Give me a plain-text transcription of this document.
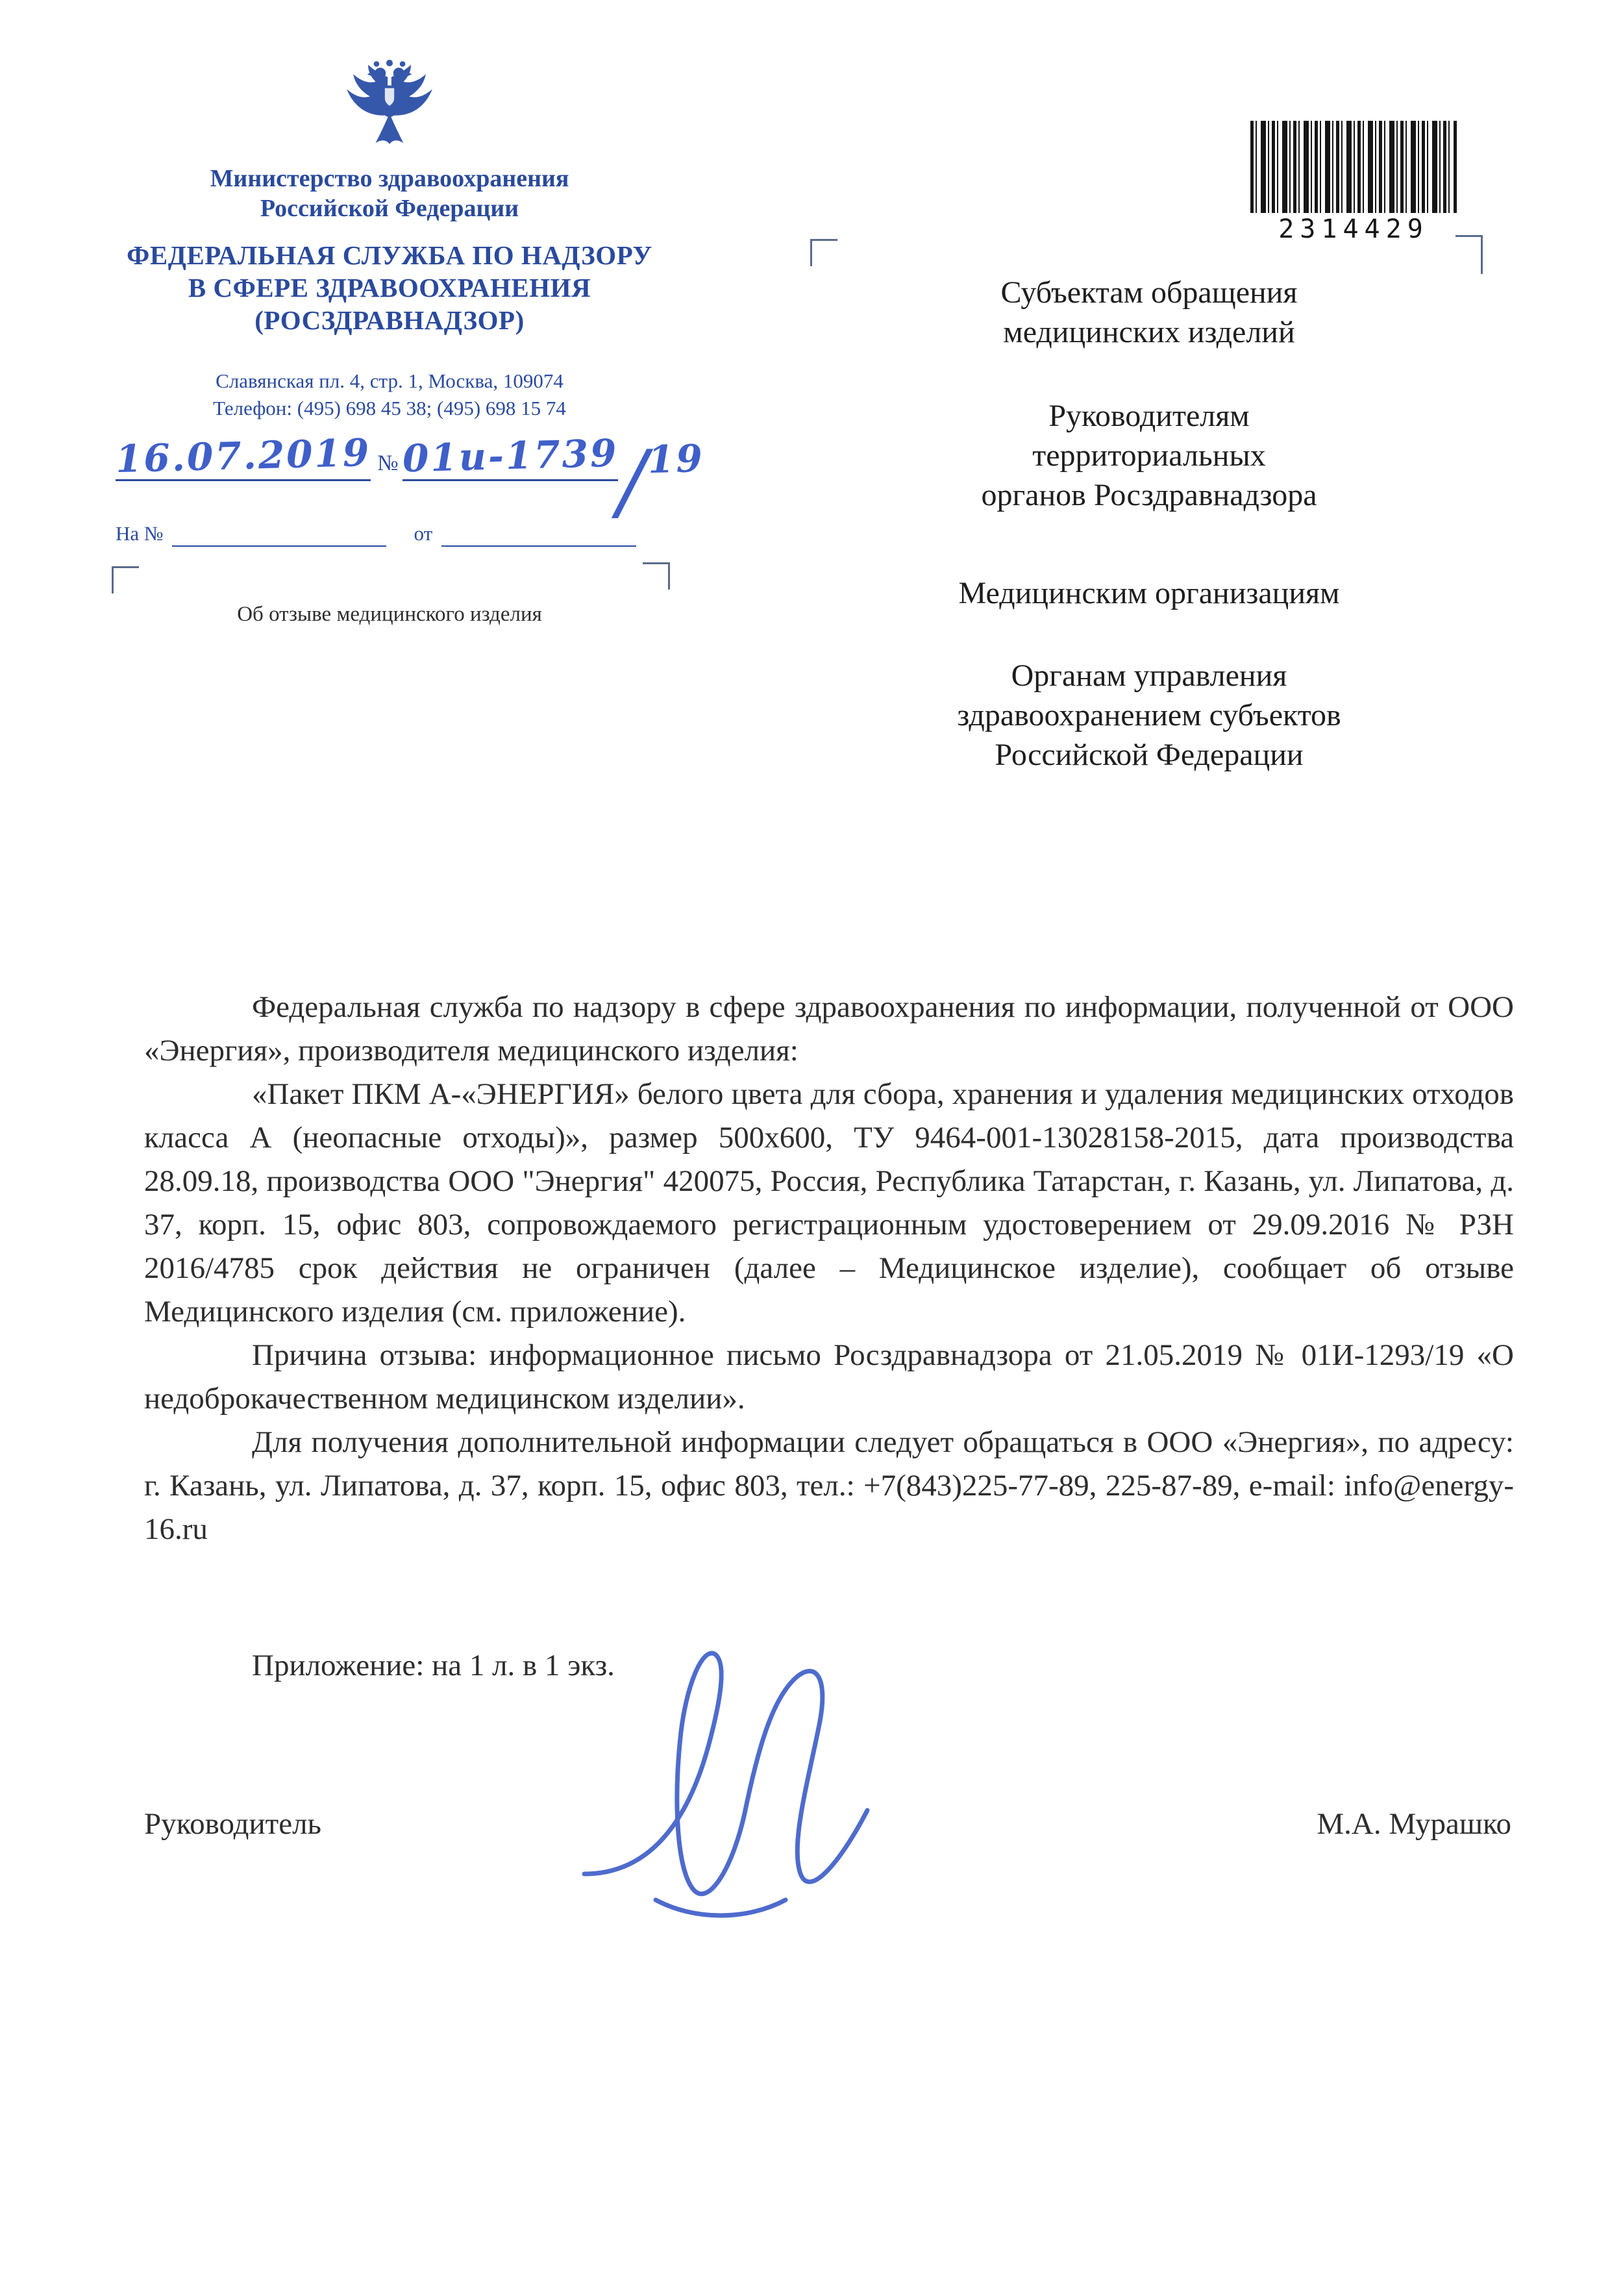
Министерство здравоохранения
Российской Федерации
ФЕДЕРАЛЬНАЯ СЛУЖБА ПО НАДЗОРУ
В СФЕРЕ ЗДРАВООХРАНЕНИЯ
(РОСЗДРАВНАДЗОР)
Славянская пл. 4, стр. 1, Москва, 109074
Телефон: (495) 698 45 38; (495) 698 15 74
16.07.2019 № 01и-1739 / 19
На №	от
Об отзыве медицинского изделия
2314429
Субъектам обращения
медицинских изделий
Руководителям
территориальных
органов Росздравнадзора
Медицинским организациям
Органам управления
здравоохранением субъектов
Российской Федерации

Федеральная служба по надзору в сфере здравоохранения по информации, полученной от ООО «Энергия», производителя медицинского изделия:

«Пакет ПКМ А-«ЭНЕРГИЯ» белого цвета для сбора, хранения и удаления медицинских отходов класса А (неопасные отходы)», размер 500х600, ТУ 9464-001-13028158-2015, дата производства 28.09.18, производства ООО "Энергия" 420075, Россия, Республика Татарстан, г. Казань, ул. Липатова, д. 37, корп. 15, офис 803, сопровождаемого регистрационным удостоверением от 29.09.2016 № РЗН 2016/4785 срок действия не ограничен (далее – Медицинское изделие), сообщает об отзыве Медицинского изделия (см. приложение).

Причина отзыва: информационное письмо Росздравнадзора от 21.05.2019 № 01И-1293/19 «О недоброкачественном медицинском изделии».

Для получения дополнительной информации следует обращаться в ООО «Энергия», по адресу: г. Казань, ул. Липатова, д. 37, корп. 15, офис 803, тел.: +7(843)225-77-89, 225-87-89, e-mail: info@energy-16.ru

Приложение: на 1 л. в 1 экз.
Руководитель	М.А. Мурашко
